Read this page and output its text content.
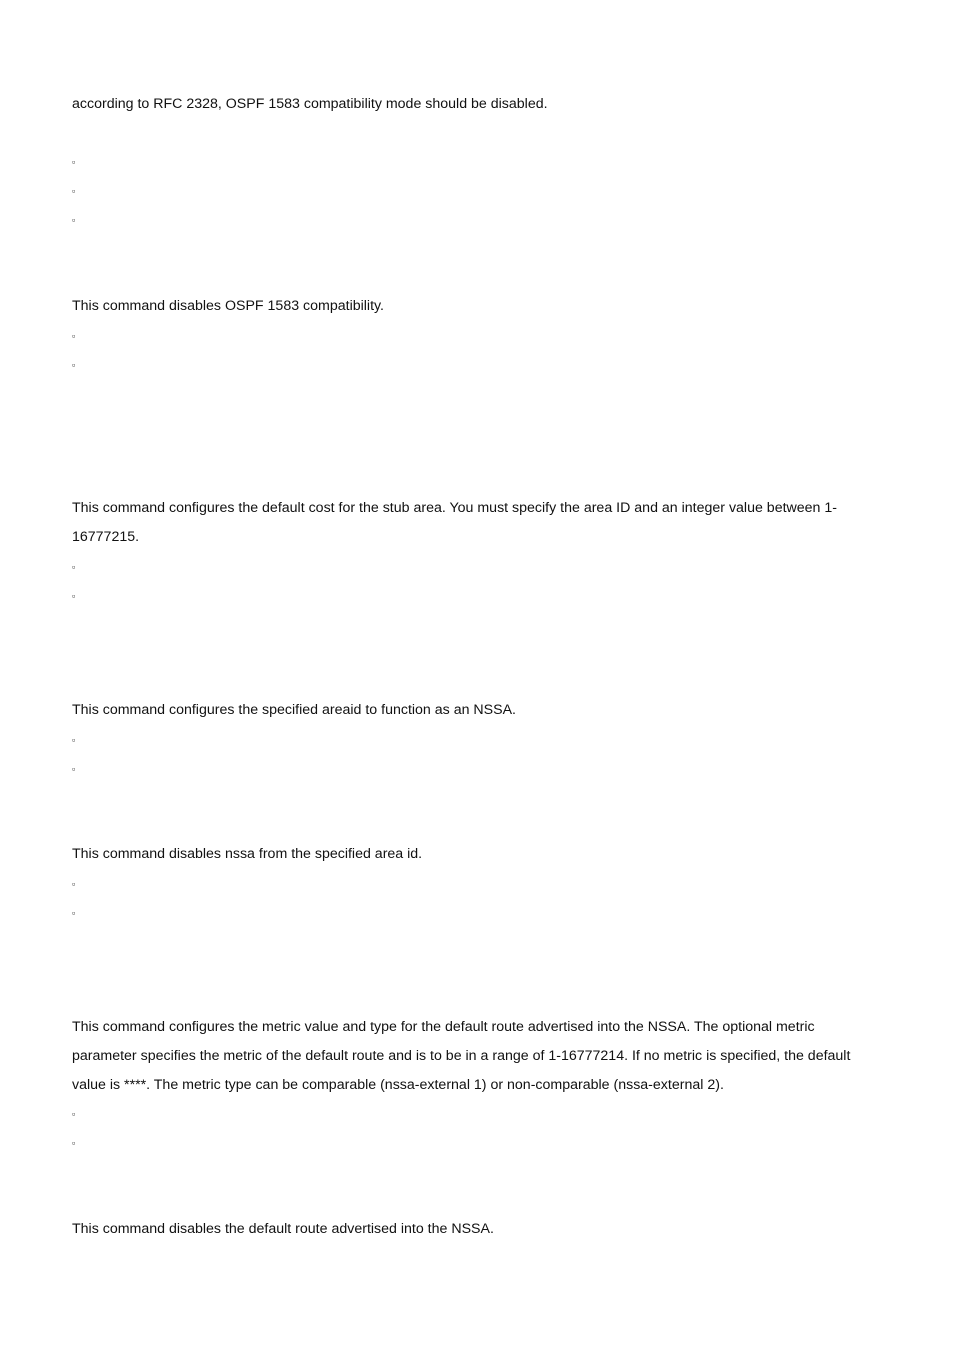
according to RFC 2328, OSPF 1583 compatibility mode should be disabled.

▫
▫
▫

This command disables OSPF 1583 compatibility.

▫
▫

This command configures the default cost for the stub area. You must specify the area ID and an integer value between 1-16777215.

▫
▫

This command configures the specified areaid to function as an NSSA.

▫
▫

This command disables nssa from the specified area id.

▫
▫

This command configures the metric value and type for the default route advertised into the NSSA. The optional metric parameter specifies the metric of the default route and is to be in a range of 1-16777214. If no metric is specified, the default value is ****. The metric type can be comparable (nssa-external 1) or non-comparable (nssa-external 2).

▫
▫

This command disables the default route advertised into the NSSA.
